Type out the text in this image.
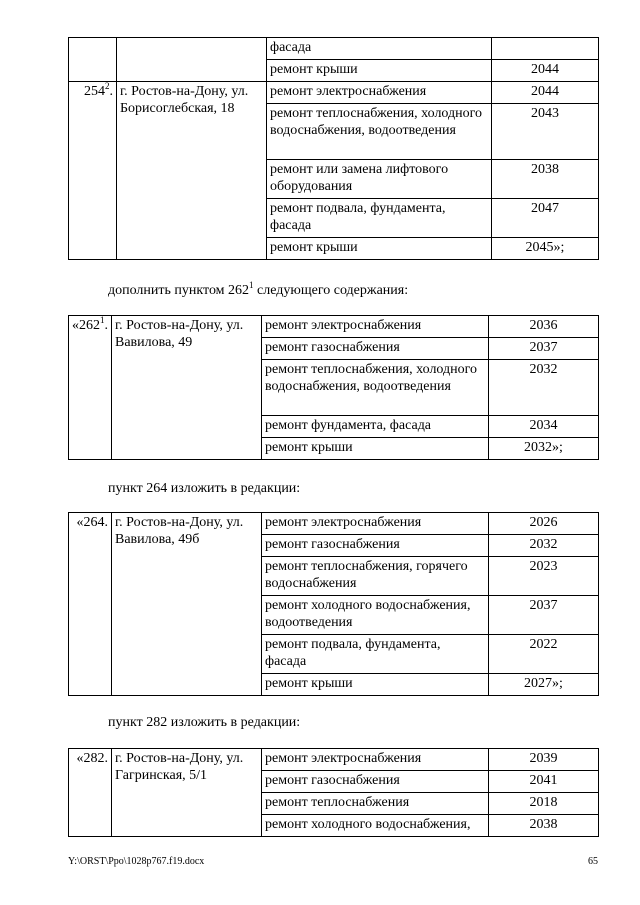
		фасада	
		ремонт крыши	2044
$254^2$.	г. Ростов-на-Дону, ул. Борисоглебская, 18	ремонт электроснабжения	2044
		ремонт теплоснабжения, холодного водоснабжения, водоотведения	2043
		ремонт или замена лифтового оборудования	2038
		ремонт подвала, фундамента, фасада	2047
		ремонт крыши	2045»;
дополнить пунктом $262^1$ следующего содержания:
«$262^1$.	г. Ростов-на-Дону, ул. Вавилова, 49	ремонт электроснабжения	2036
		ремонт газоснабжения	2037
		ремонт теплоснабжения, холодного водоснабжения, водоотведения	2032
		ремонт фундамента, фасада	2034
		ремонт крыши	2032»;
пункт 264 изложить в редакции:
«264.	г. Ростов-на-Дону, ул. Вавилова, 49б	ремонт электроснабжения	2026
		ремонт газоснабжения	2032
		ремонт теплоснабжения, горячего водоснабжения	2023
		ремонт холодного водоснабжения, водоотведения	2037
		ремонт подвала, фундамента, фасада	2022
		ремонт крыши	2027»;
пункт 282 изложить в редакции:
«282.	г. Ростов-на-Дону, ул. Гагринская, 5/1	ремонт электроснабжения	2039
		ремонт газоснабжения	2041
		ремонт теплоснабжения	2018
		ремонт холодного водоснабжения,	2038
Y:\ORST\Ppo\1028p767.f19.docx	65
